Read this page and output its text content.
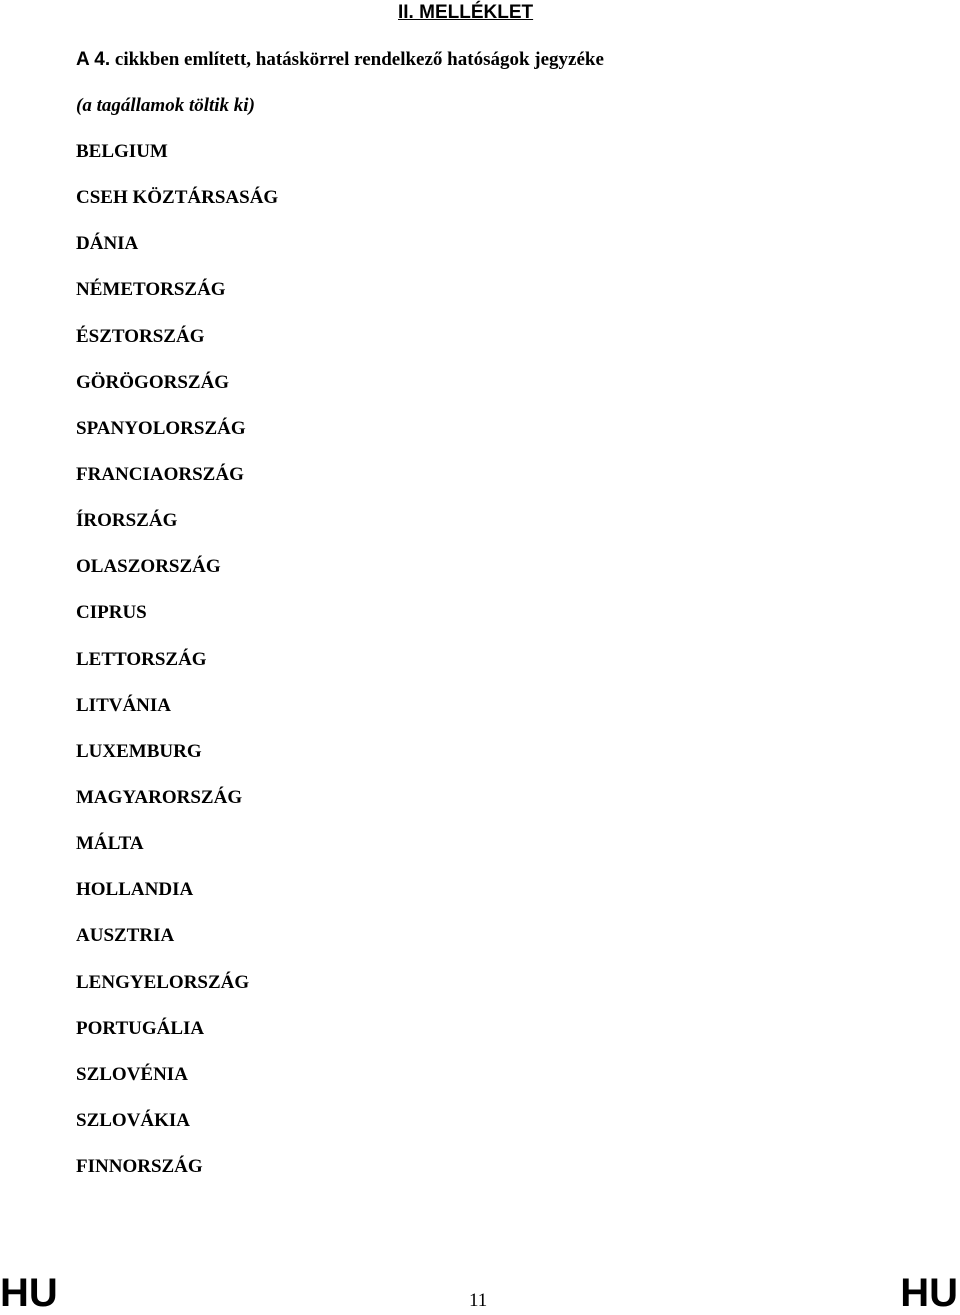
II. MELLÉKLET
A 4. cikkben említett, hatáskörrel rendelkező hatóságok jegyzéke
(a tagállamok töltik ki)
BELGIUM
CSEH KÖZTÁRSASÁG
DÁNIA
NÉMETORSZÁG
ÉSZTORSZÁG
GÖRÖGORSZÁG
SPANYOLORSZÁG
FRANCIAORSZÁG
ÍRORSZÁG
OLASZORSZÁG
CIPRUS
LETTORSZÁG
LITVÁNIA
LUXEMBURG
MAGYARORSZÁG
MÁLTA
HOLLANDIA
AUSZTRIA
LENGYELORSZÁG
PORTUGÁLIA
SZLOVÉNIA
SZLOVÁKIA
FINNORSZÁG
HU	11	HU
